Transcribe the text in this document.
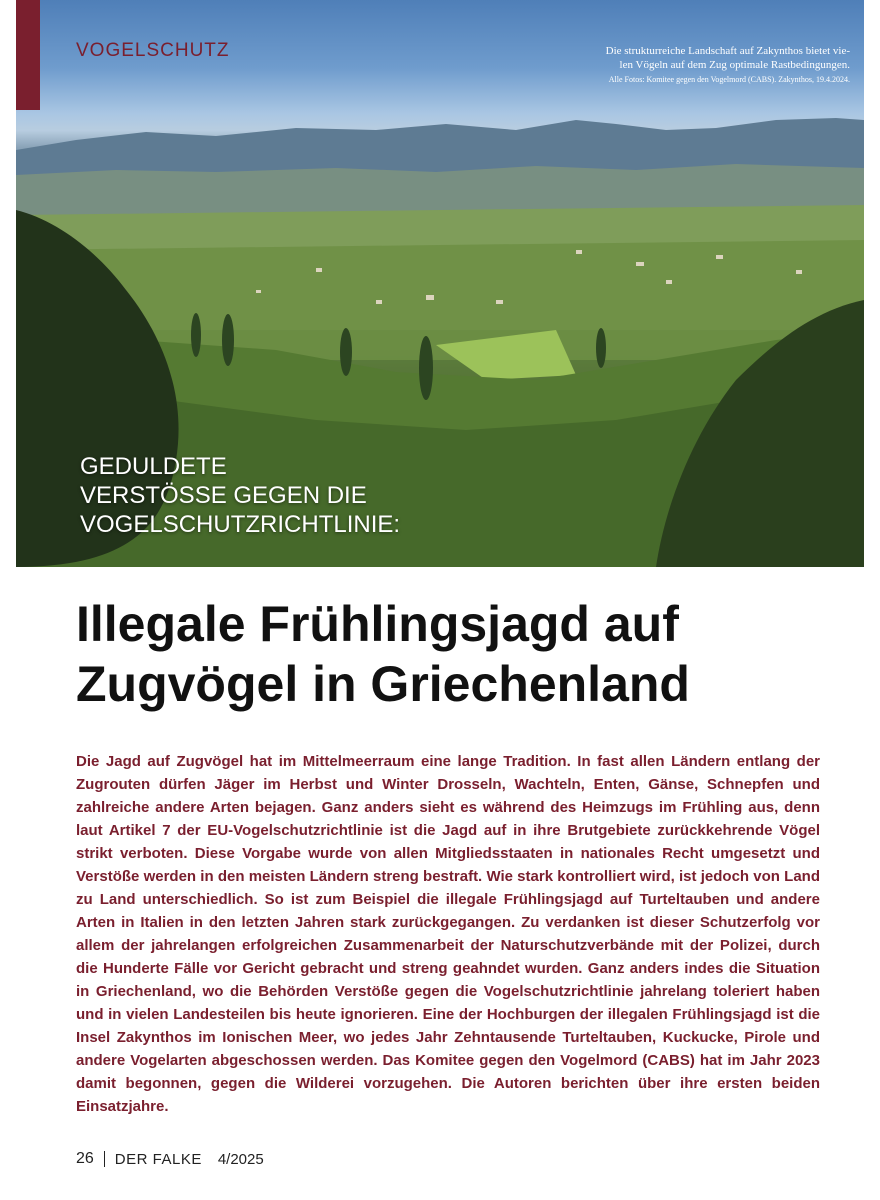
VOGELSCHUTZ	Die strukturreiche Landschaft auf Zakynthos bietet vie-
len Vögeln auf dem Zug optimale Rastbedingungen.
Alle Fotos: Komitee gegen den Vogelmord (CABS). Zakynthos, 19.4.2024.
GEDULDETE
VERSTÖSSE GEGEN DIE
VOGELSCHUTZRICHTLINIE:
Illegale Frühlingsjagd auf
Zugvögel in Griechenland

Die Jagd auf Zugvögel hat im Mittelmeerraum eine lange Tradition. In fast allen Ländern entlang der Zugrouten dürfen Jäger im Herbst und Winter Drosseln, Wachteln, Enten, Gänse, Schnepfen und zahlreiche andere Arten bejagen. Ganz anders sieht es während des Heimzugs im Frühling aus, denn laut Artikel 7 der EU-Vogelschutzrichtlinie ist die Jagd auf in ihre Brutgebiete zurückkehrende Vögel strikt verboten. Diese Vorgabe wurde von allen Mitgliedsstaaten in nationales Recht umgesetzt und Verstöße werden in den meisten Ländern streng bestraft. Wie stark kontrolliert wird, ist jedoch von Land zu Land unterschiedlich. So ist zum Beispiel die illegale Frühlingsjagd auf Turteltauben und andere Arten in Italien in den letzten Jahren stark zurückgegangen. Zu verdanken ist dieser Schutzerfolg vor allem der jahrelangen erfolgreichen Zusammenarbeit der Naturschutzverbände mit der Polizei, durch die Hunderte Fälle vor Gericht gebracht und streng geahndet wurden. Ganz anders indes die Situation in Griechenland, wo die Behörden Verstöße gegen die Vogelschutzrichtlinie jahrelang toleriert haben und in vielen Landesteilen bis heute ignorieren. Eine der Hochburgen der illegalen Frühlingsjagd ist die Insel Zakynthos im Ionischen Meer, wo jedes Jahr Zehntausende Turteltauben, Kuckucke, Pirole und andere Vogelarten abgeschossen werden. Das Komitee gegen den Vogelmord (CABS) hat im Jahr 2023 damit begonnen, gegen die Wilderei vorzugehen. Die Autoren berichten über ihre ersten beiden Einsatzjahre.

26 DER FALKE 4/2025
